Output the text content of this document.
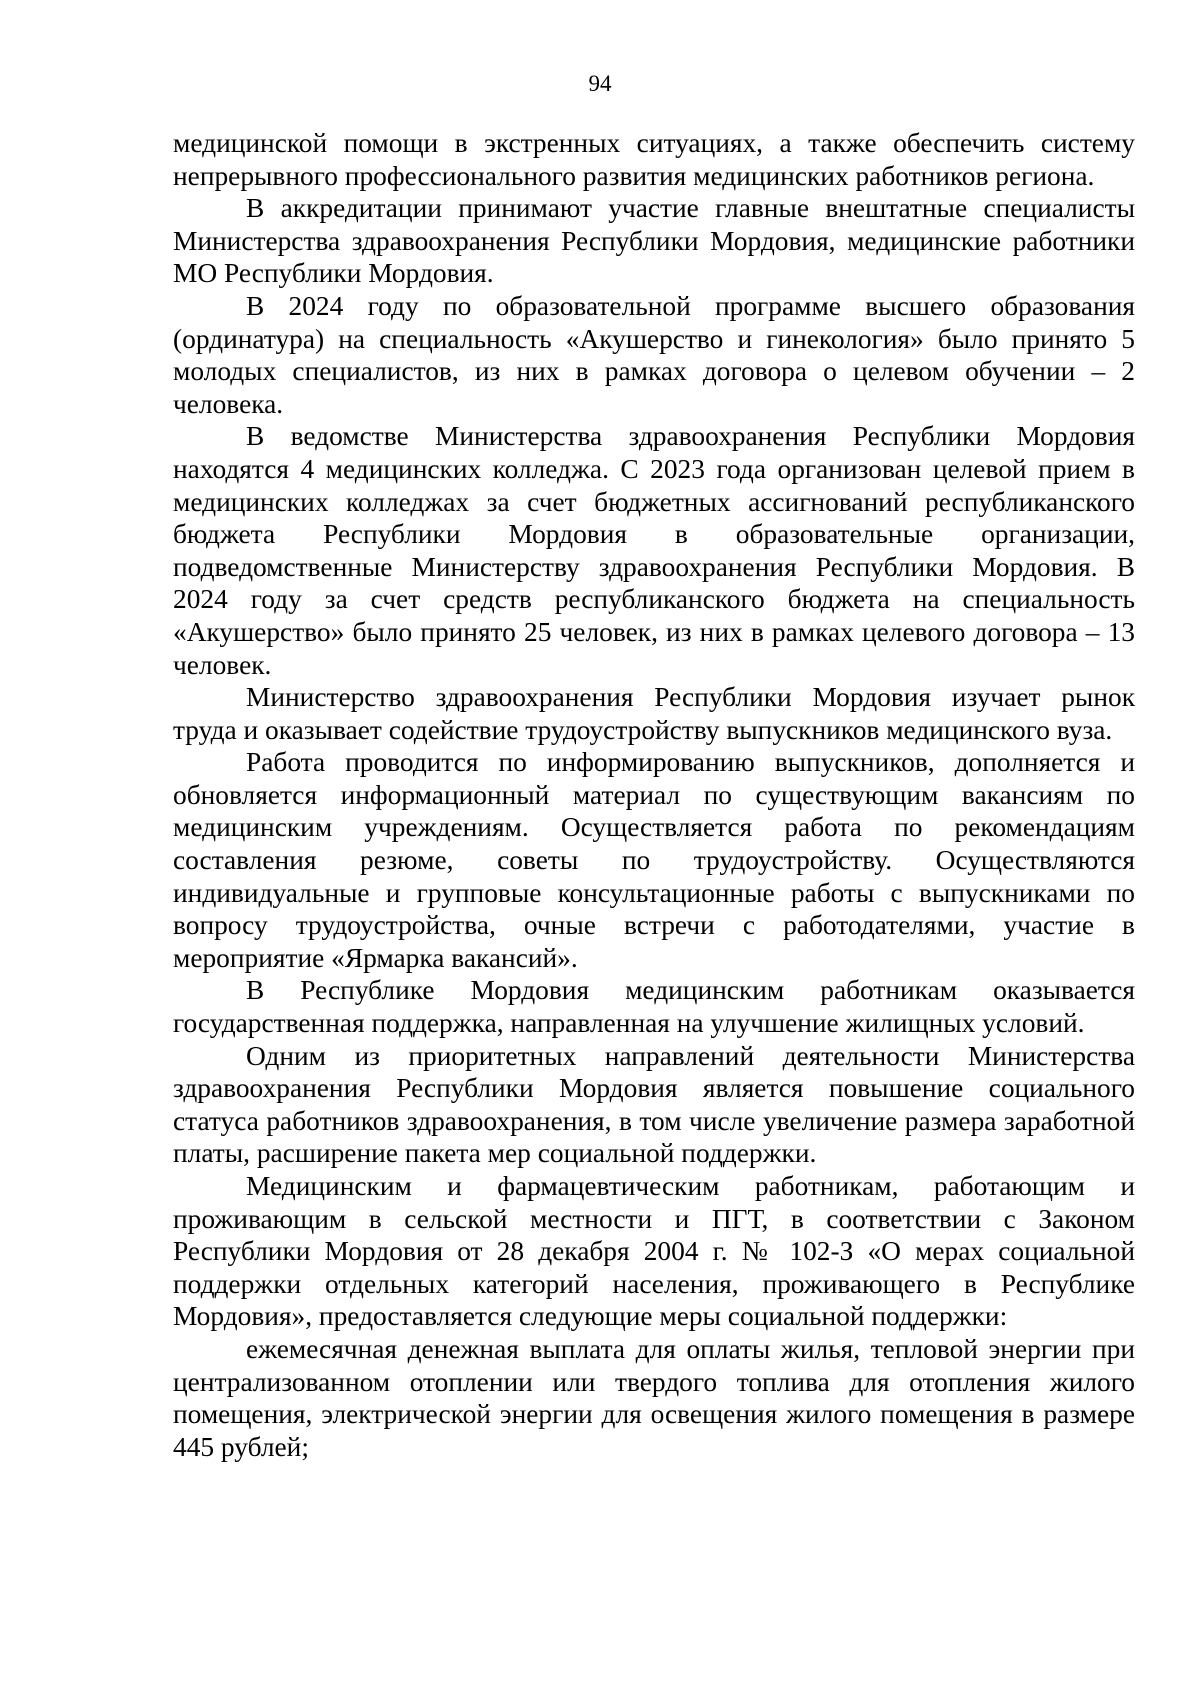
94

медицинской помощи в экстренных ситуациях, а также обеспечить систему непрерывного профессионального развития медицинских работников региона.

В аккредитации принимают участие главные внештатные специалисты Министерства здравоохранения Республики Мордовия, медицинские работники МО Республики Мордовия.

В 2024 году по образовательной программе высшего образования (ординатура) на специальность «Акушерство и гинекология» было принято 5 молодых специалистов, из них в рамках договора о целевом обучении – 2 человека.

В ведомстве Министерства здравоохранения Республики Мордовия находятся 4 медицинских колледжа. С 2023 года организован целевой прием в медицинских колледжах за счет бюджетных ассигнований республиканского бюджета Республики Мордовия в образовательные организации, подведомственные Министерству здравоохранения Республики Мордовия. В 2024 году за счет средств республиканского бюджета на специальность «Акушерство» было принято 25 человек, из них в рамках целевого договора – 13 человек.

Министерство здравоохранения Республики Мордовия изучает рынок труда и оказывает содействие трудоустройству выпускников медицинского вуза.

Работа проводится по информированию выпускников, дополняется и обновляется информационный материал по существующим вакансиям по медицинским учреждениям. Осуществляется работа по рекомендациям составления резюме, советы по трудоустройству. Осуществляются индивидуальные и групповые консультационные работы с выпускниками по вопросу трудоустройства, очные встречи с работодателями, участие в мероприятие «Ярмарка вакансий».

В Республике Мордовия медицинским работникам оказывается государственная поддержка, направленная на улучшение жилищных условий.

Одним из приоритетных направлений деятельности Министерства здравоохранения Республики Мордовия является повышение социального статуса работников здравоохранения, в том числе увеличение размера заработной платы, расширение пакета мер социальной поддержки.

Медицинским и фармацевтическим работникам, работающим и проживающим в сельской местности и ПГТ, в соответствии с Законом Республики Мордовия от 28 декабря 2004 г. № 102-З «О мерах социальной поддержки отдельных категорий населения, проживающего в Республике Мордовия», предоставляется следующие меры социальной поддержки:

ежемесячная денежная выплата для оплаты жилья, тепловой энергии при централизованном отоплении или твердого топлива для отопления жилого помещения, электрической энергии для освещения жилого помещения в размере 445 рублей;
